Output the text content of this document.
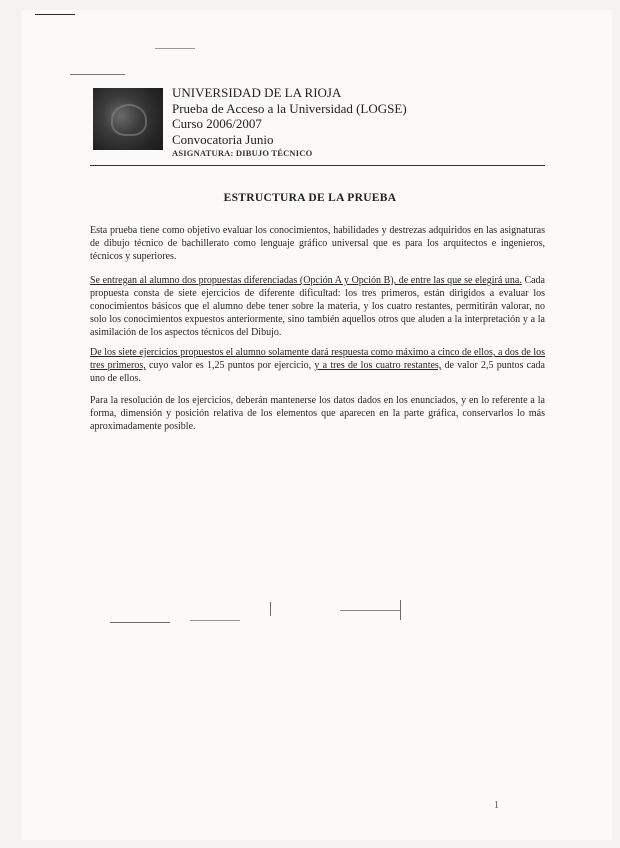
UNIVERSIDAD DE LA RIOJA
Prueba de Acceso a la Universidad (LOGSE)
Curso 2006/2007
Convocatoria Junio
ASIGNATURA: DIBUJO TÉCNICO
ESTRUCTURA DE LA PRUEBA
Esta prueba tiene como objetivo evaluar los conocimientos, habilidades y destrezas adquiridos en las asignaturas de dibujo técnico de bachillerato como lenguaje gráfico universal que es para los arquitectos e ingenieros, técnicos y superiores.
Se entregan al alumno dos propuestas diferenciadas (Opción A y Opción B), de entre las que se elegirá una. Cada propuesta consta de siete ejercicios de diferente dificultad: los tres primeros, están dirigidos a evaluar los conocimientos básicos que el alumno debe tener sobre la materia, y los cuatro restantes, permitirán valorar, no solo los conocimientos expuestos anteriormente, sino también aquellos otros que aluden a la interpretación y a la asimilación de los aspectos técnicos del Dibujo.
De los siete ejercicios propuestos el alumno solamente dará respuesta como máximo a cinco de ellos, a dos de los tres primeros, cuyo valor es 1,25 puntos por ejercicio, y a tres de los cuatro restantes, de valor 2,5 puntos cada uno de ellos.
Para la resolución de los ejercicios, deberán mantenerse los datos dados en los enunciados, y en lo referente a la forma, dimensión y posición relativa de los elementos que aparecen en la parte gráfica, conservarlos lo más aproximadamente posible.
1
